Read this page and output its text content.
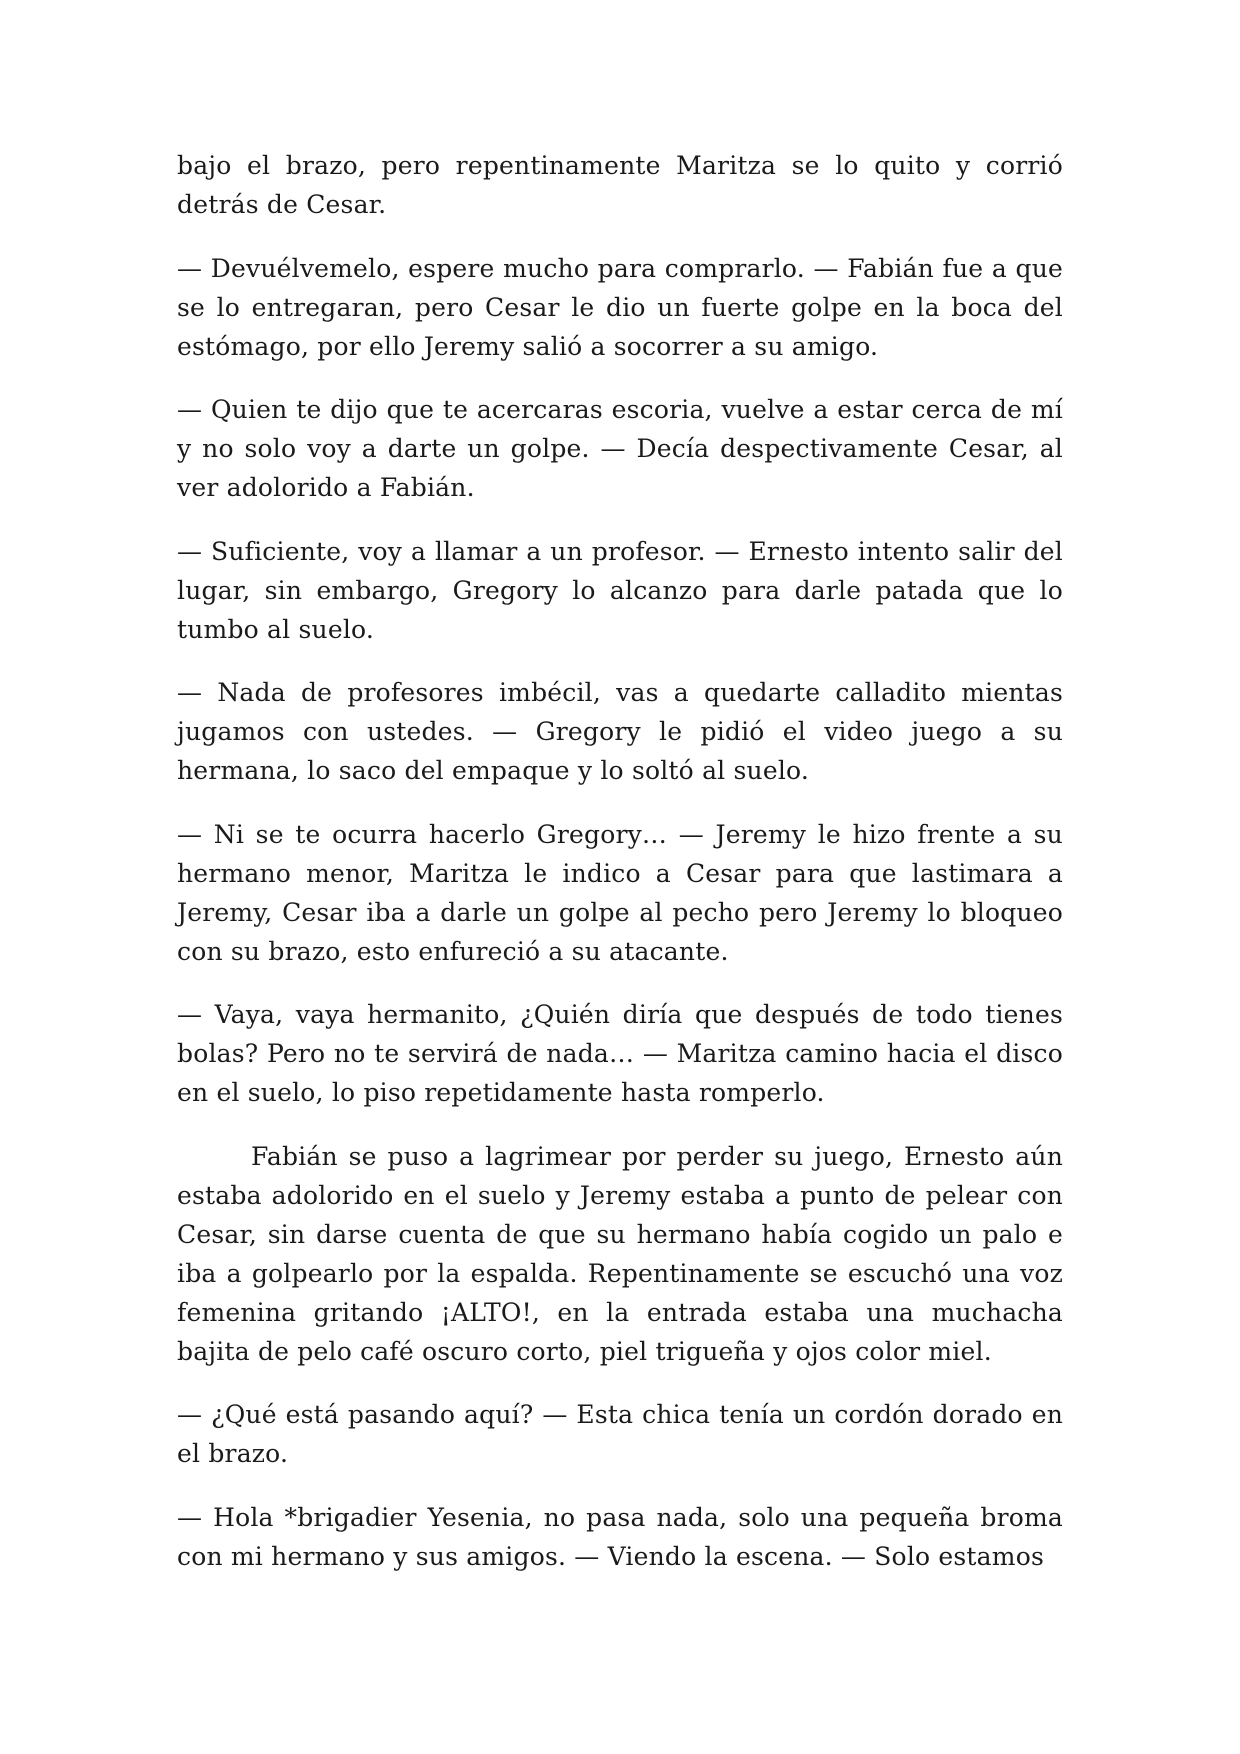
bajo el brazo, pero repentinamente Maritza se lo quito y corrió detrás de Cesar.

— Devuélvemelo, espere mucho para comprarlo. — Fabián fue a que se lo entregaran, pero Cesar le dio un fuerte golpe en la boca del estómago, por ello Jeremy salió a socorrer a su amigo.

— Quien te dijo que te acercaras escoria, vuelve a estar cerca de mí y no solo voy a darte un golpe. — Decía despectivamente Cesar, al ver adolorido a Fabián.

— Suficiente, voy a llamar a un profesor. — Ernesto intento salir del lugar, sin embargo, Gregory lo alcanzo para darle patada que lo tumbo al suelo.

— Nada de profesores imbécil, vas a quedarte calladito mientas jugamos con ustedes. — Gregory le pidió el video juego a su hermana, lo saco del empaque y lo soltó al suelo.

— Ni se te ocurra hacerlo Gregory… — Jeremy le hizo frente a su hermano menor, Maritza le indico a Cesar para que lastimara a Jeremy, Cesar iba a darle un golpe al pecho pero Jeremy lo bloqueo con su brazo, esto enfureció a su atacante.

— Vaya, vaya hermanito, ¿Quién diría que después de todo tienes bolas? Pero no te servirá de nada… — Maritza camino hacia el disco en el suelo, lo piso repetidamente hasta romperlo.

Fabián se puso a lagrimear por perder su juego, Ernesto aún estaba adolorido en el suelo y Jeremy estaba a punto de pelear con Cesar, sin darse cuenta de que su hermano había cogido un palo e iba a golpearlo por la espalda. Repentinamente se escuchó una voz femenina gritando ¡ALTO!, en la entrada estaba una muchacha bajita de pelo café oscuro corto, piel trigueña y ojos color miel.

— ¿Qué está pasando aquí? — Esta chica tenía un cordón dorado en el brazo.

— Hola *brigadier Yesenia, no pasa nada, solo una pequeña broma con mi hermano y sus amigos. — Viendo la escena. — Solo estamos
